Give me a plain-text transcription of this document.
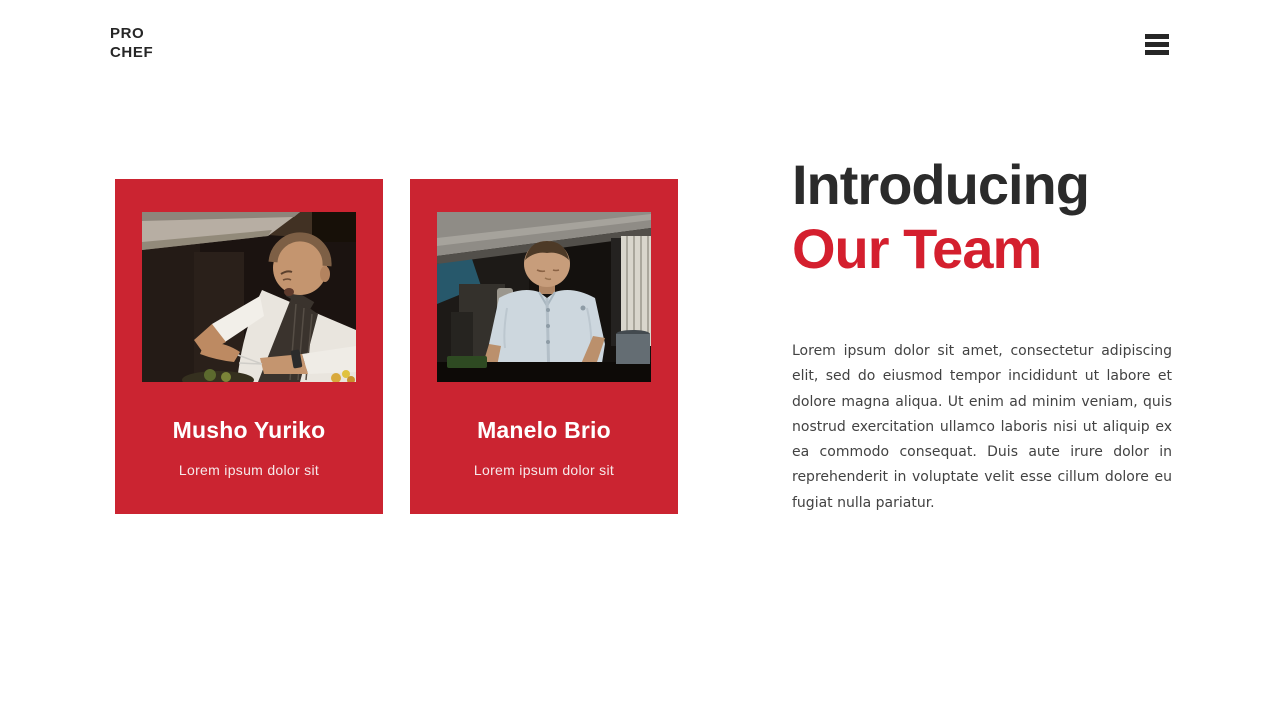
PRO
CHEF
Musho Yuriko
Lorem ipsum dolor sit
Manelo Brio
Lorem ipsum dolor sit
Introducing
Our Team

Lorem ipsum dolor sit amet, consectetur adipiscing elit, sed do eiusmod tempor incididunt ut labore et dolore magna aliqua. Ut enim ad minim veniam, quis nostrud exercitation ullamco laboris nisi ut aliquip ex ea commodo consequat. Duis aute irure dolor in reprehenderit in voluptate velit esse cillum dolore eu fugiat nulla pariatur.
